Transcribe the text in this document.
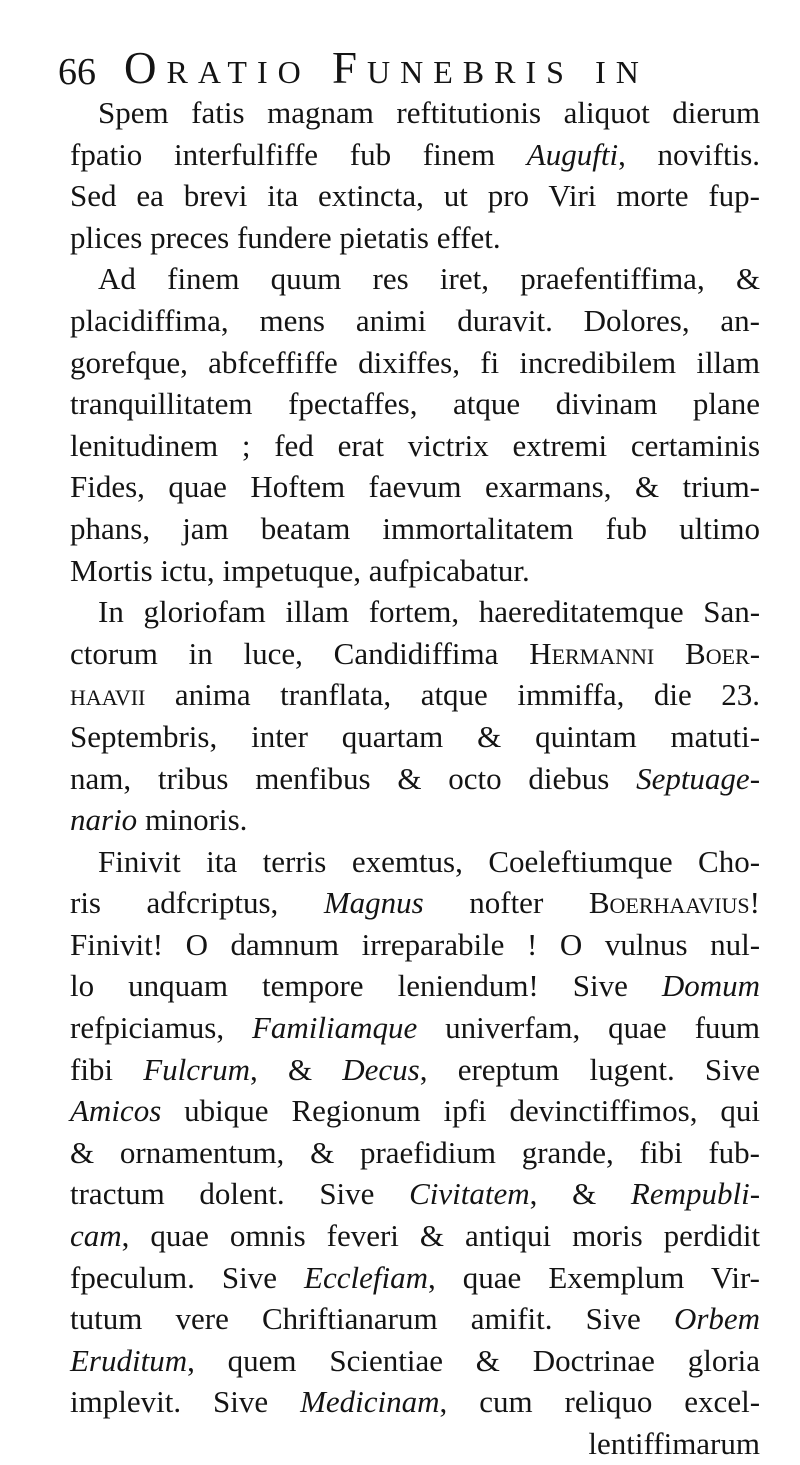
66 Oratio Funebris in
Spem fatis magnam reftitutionis aliquot dierum
fpatio interfulfiffe fub finem Augufti, noviftis.
Sed ea brevi ita extincta, ut pro Viri morte fup-
plices preces fundere pietatis effet.
Ad finem quum res iret, praefentiffima, &
placidiffima, mens animi duravit. Dolores, an-
gorefque, abfceffiffe dixiffes, fi incredibilem illam
tranquillitatem fpectaffes, atque divinam plane
lenitudinem ; fed erat victrix extremi certaminis
Fides, quae Hoftem faevum exarmans, & trium-
phans, jam beatam immortalitatem fub ultimo
Mortis ictu, impetuque, aufpicabatur.
In gloriofam illam fortem, haereditatemque San-
ctorum in luce, Candidiffima Hermanni Boer-
haavii anima tranflata, atque immiffa, die 23.
Septembris, inter quartam & quintam matuti-
nam, tribus menfibus & octo diebus Septuage-
nario minoris.
Finivit ita terris exemtus, Coeleftiumque Cho-
ris adfcriptus, Magnus nofter Boerhaavius!
Finivit! O damnum irreparabile ! O vulnus nul-
lo unquam tempore leniendum! Sive Domum
refpiciamus, Familiamque univerfam, quae fuum
fibi Fulcrum, & Decus, ereptum lugent. Sive
Amicos ubique Regionum ipfi devinctiffimos, qui
& ornamentum, & praefidium grande, fibi fub-
tractum dolent. Sive Civitatem, & Rempubli-
cam, quae omnis feveri & antiqui moris perdidit
fpeculum. Sive Ecclefiam, quae Exemplum Vir-
tutum vere Chriftianarum amifit. Sive Orbem
Eruditum, quem Scientiae & Doctrinae gloria
implevit. Sive Medicinam, cum reliquo excel-
lentiffimarum
